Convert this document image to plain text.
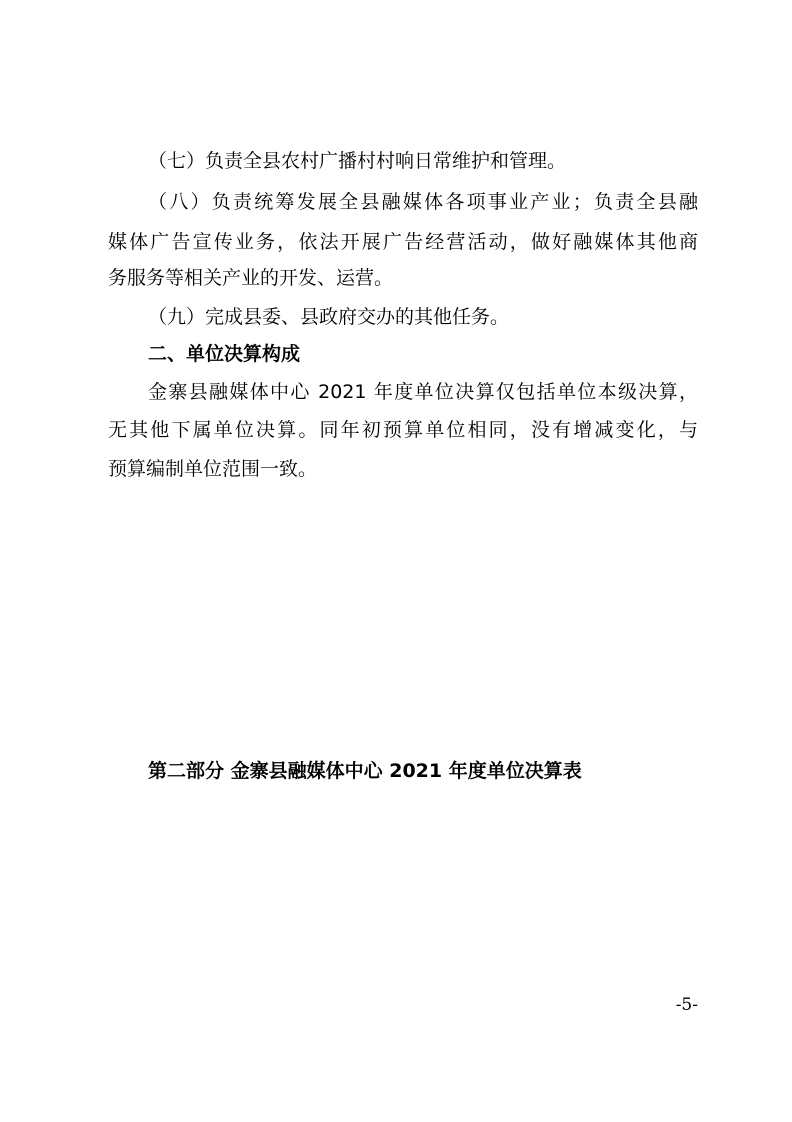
（七）负责全县农村广播村村响日常维护和管理。
（八）负责统筹发展全县融媒体各项事业产业；负责全县融
媒体广告宣传业务，依法开展广告经营活动，做好融媒体其他商
务服务等相关产业的开发、运营。
（九）完成县委、县政府交办的其他任务。
二、单位决算构成
金寨县融媒体中心 2021 年度单位决算仅包括单位本级决算，
无其他下属单位决算。同年初预算单位相同，没有增减变化，与
预算编制单位范围一致。
第二部分 金寨县融媒体中心 2021 年度单位决算表
-5-
